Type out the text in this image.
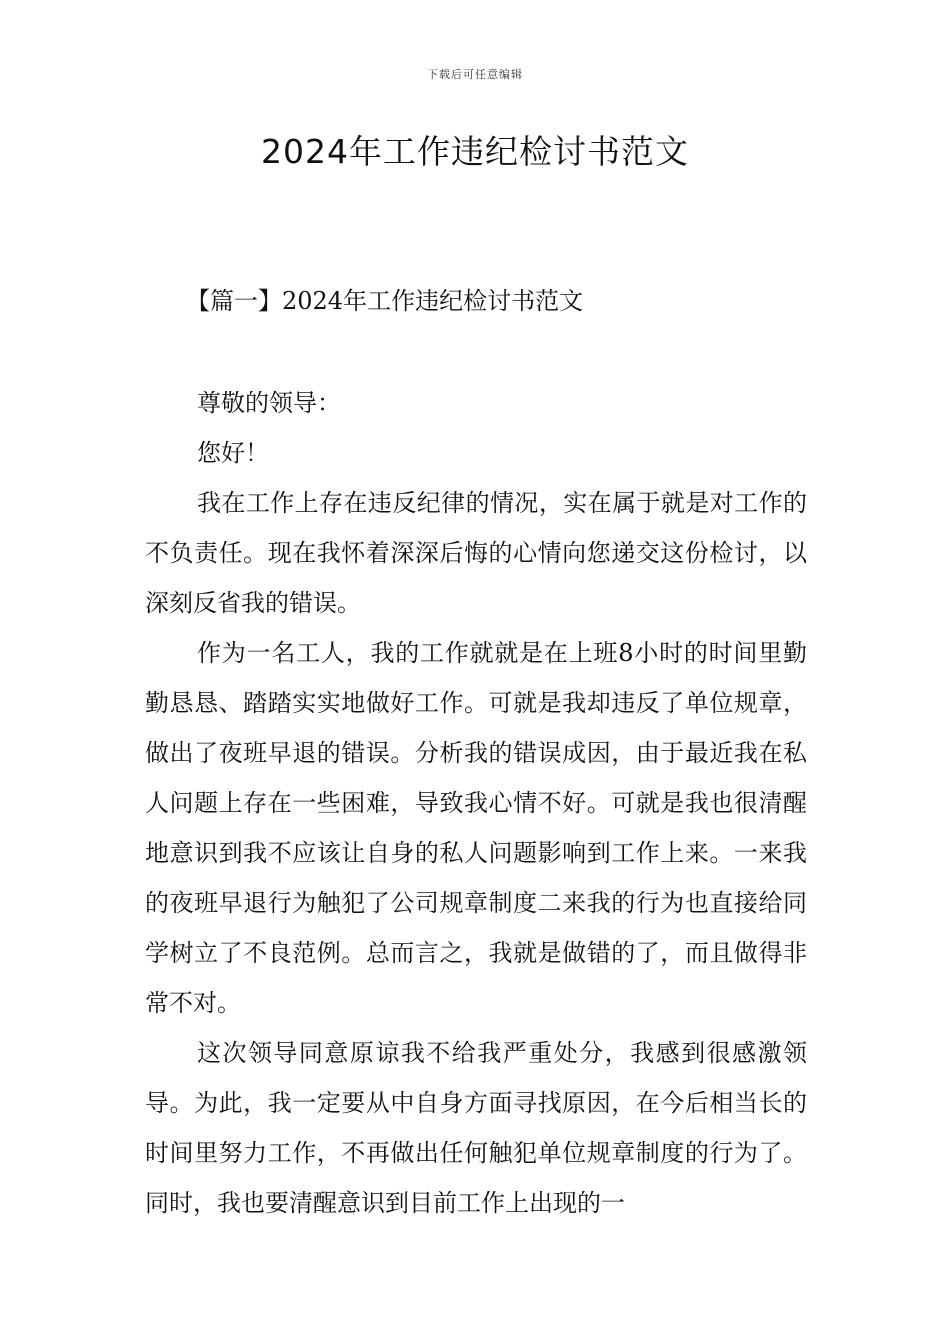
下载后可任意编辑
2024年工作违纪检讨书范文
【篇一】2024年工作违纪检讨书范文

尊敬的领导：

您好！

我在工作上存在违反纪律的情况，实在属于就是对工作的不负责任。现在我怀着深深后悔的心情向您递交这份检讨，以深刻反省我的错误。

作为一名工人，我的工作就就是在上班8小时的时间里勤勤恳恳、踏踏实实地做好工作。可就是我却违反了单位规章，做出了夜班早退的错误。分析我的错误成因，由于最近我在私人问题上存在一些困难，导致我心情不好。可就是我也很清醒地意识到我不应该让自身的私人问题影响到工作上来。一来我的夜班早退行为触犯了公司规章制度二来我的行为也直接给同学树立了不良范例。总而言之，我就是做错的了，而且做得非常不对。

这次领导同意原谅我不给我严重处分，我感到很感激领导。为此，我一定要从中自身方面寻找原因，在今后相当长的时间里努力工作，不再做出任何触犯单位规章制度的行为了。同时，我也要清醒意识到目前工作上出现的一
